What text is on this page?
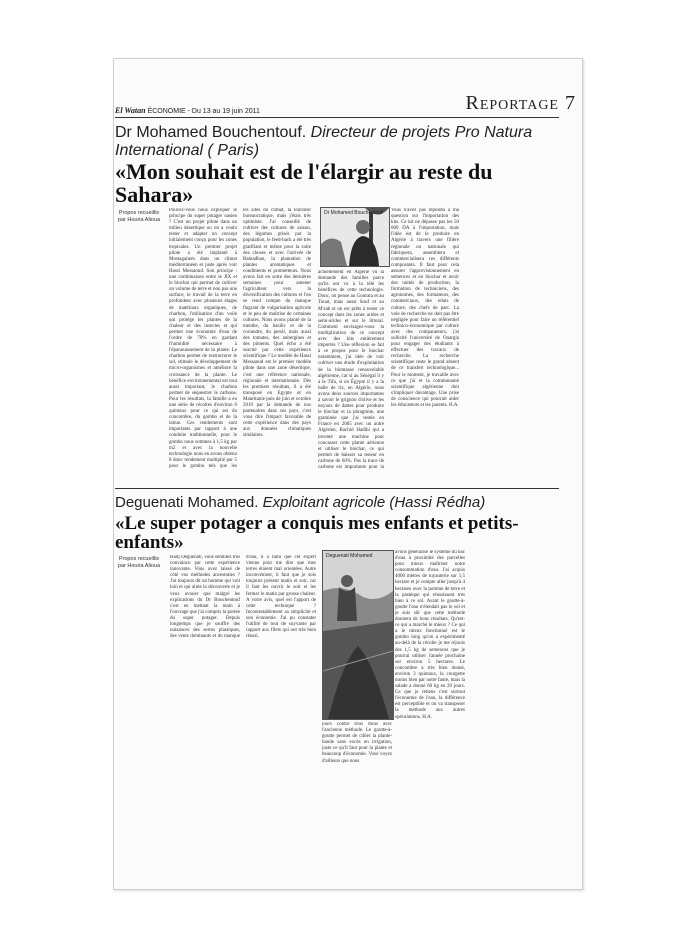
El Watan ÉCONOMIE - Du 13 au 19 juin 2011	Reportage 7
Dr Mohamed Bouchentouf. Directeur de projets Pro Natura International ( Paris)
«Mon souhait est de l'élargir au reste du Sahara»
Propos recueillis par Houria Alioua
Pouvez-vous nous expliquer le principe du super potager oasien ? C'est un projet pilote dans un milieu désertique ou on a voulu tester et adapter un concept initialement conçu pour les zones tropicales. Un premier projet pilote a été implanté à Mostaganem dans un climat méditerranéen et juste après voir Hassi Messaoud. Son principe : une combinaison entre le JIX et le biochar qui permet de cultiver un volume de terre et non pas une surface, le travail de la terre en profondeur avec plusieurs étages de matériaux organiques, de charbon, l'utilisation d'un voile qui protège les plantes de la chaleur et des insectes et qui permet une économie d'eau de l'ordre de 70% en gardant l'humidité nécessaire à l'épanouissement de la plante. Le charbon permet de restructurer le sol, stimule le développement de micro-organismes et améliore la croissance de la plante. Le bénéfice environnemental est tout aussi important, le charbon permet de séquestrer le carbone. Pour les résultats, la famille a eu une série de récoltes d'environ 6 quintaux pour ce qui est du concombre, du gombo et de la laitue. Ces rendements sont importants par rapport à une conduite traditionnelle, pour le gombo nous sommes à 1,5 kg par m2 et avec la nouvelle technologie nous en avons obtenu 8 donc rendement multiplié par 5 pour le gombo tels que les
les sites du climat, la lourdeur bureaucratique, mais j'étais très optimiste. J'ai conseillé de cultiver des cultures de saison, des légumes prisés par la population, le feed-back a été très gratifiant et même pour la suite des choses et avec l'arrivée de Ramadhan, la plantation de plantes aromatiques et condiments et prometteurs. Nous avons fait en sorte des dernières semaines pour amener l'agriculteur vers la diversification des cultures et l'on se rend compte du manque flagrant de vulgarisation agricole et le peu de maîtrise de certaines cultures. Nous avons planté de la menthe, du basilic et de la coriandre, du persil, mais aussi des tomates, des aubergines et des piments. Quel écho a été suscité par cette expérience scientifique ? Le modèle de Hassi Messaoud est le premier modèle pilote dans une zone désertique, c'est une référence nationale, régionale et internationale. Dès les premiers résultats, il a été transposé en Egypte et en Mauritanie puis de juin et octobre 2010 par la demande de nos partenaires dans ces pays, c'est vous dire l'impact favorable de cette expérience dans des pays aux données climatiques similaires.
actuellement en Algérie vu la demande des familles parce qu'ils ont vu à la télé les bénéfices de cette technologie. Donc, on pense au Gourara et au Touat, mais aussi Souf et au M'zab et on est prêts à tester ce concept dans les zones arides et semi-arides et sur le littoral. Comment envisagez-vous la multiplication de ce concept avec des kits entièrement importés ? Une réflexion se fait à ce propos pour le biochar notamment, j'ai idée de voir cultiver une étude d'exploitation de la biomasse renouvelable algérienne, car si au Sénégal il y a le Tifa, si en Égypte il y a la balle de riz, en Algérie, nous avons deux sources importantes à savoir le grignon d'olive et les noyaux de dattes pour produire le biochar et la phragmite, une graminée que j'ai testée en France en 2005 avec un autre Algérien, Rachid Hadibi qui a inventé une machine pour concasser cette plante aérienne et utiliser le biochar, ce qui permet de baisser sa teneur en carbone de 60%. Pas la trace de carbone est importante pour la
Vous n'avez pas répondu à ma question sur l'importation des kits. Ce kit ne dépasse pas les 50 000 DA à l'importation, mais l'idée est de le produire en Algérie à travers une filière régionale ou nationale qui fabriquera, assemblera et commercialisera ces différents composants. Il faut pour cela assurer l'approvisionnement en semences et en biochar et avoir des unités de production, la formation de techniciens, des agronomes, des formateurs, des commerciaux, des relais de culture, des chefs de parc. La voie de recherche ne doit pas être négligée pour faire un référentiel technico-économique par culture avec des comparateurs, j'ai sollicité l'université de Ouargla pour engager des étudiants à effectuer des travaux de recherche. La recherche scientifique reste le grand absent de ce transfert technologique... Pour le moment, je travaille avec ce que j'ai et la communauté scientifique algérienne doit s'impliquer davantage. Une prise de conscience qui pourrait aider les éducateurs et les parents. H.A.
Dr Mohamed Bouchentouf
Deguenati Mohamed. Exploitant agricole (Hassi Rédha)
«Le super potager a conquis mes enfants et petits-enfants»
Propos recueillis par Houria Alioua
Hadj Deguenati, vous semblez très convaincu par cette expérience innovante. Vous avez laissé de côté vos méthodes ancestrales ? J'ai toujours dit un homme qui voit loin et qui aime la découverte et je veux avouer que malgré les explications du Dr Bouchentouf c'est en mettant la main à l'ouvrage que j'ai compris la portée du super potager. Depuis longtemps que je souffre des nuisances des serres plastiques, des vents dominants et du manque d'eau, il a fallu que cet expert vienne pour me dire que mes terres étaient mal orientées. Autre inconvénient, il faut que je sois toujours présent matin et soir, car il faut les ouvrir le soir et les fermer le matin par grosse chaleur. A votre avis, quel est l'apport de cette technique ? Incontestablement sa simplicité et son économie. J'ai pu constater l'utilité de tout de suyvante par rapport aux filets qui ont très bien réussi.
jours contre trois mois avec l'ancienne méthode. Le goutte-à-goutte permet de cibler la plante-bande sans excès en irrigation, juste ce qu'il faut pour la plante et beaucoup d'économie. Vous voyez d'ailleurs que nous
avons généralisé le système du bac d'eau à proximité des parcelles pour mieux maîtriser notre consommation d'eau. J'ai acquis 4000 mètres de tuyauterie sur 1,5 hectare et je compte aller jusqu'à 4 hectares avec la pomme de terre et la pastèque qui réussissent très bien à ce sol. Avant le goutte-à-goutte l'eau n'étendait pas le sol et je suis sûr que cette méthode donnera de bons résultats. Qu'est-ce qui a marché le mieux ? Ce qui a le mieux fonctionné est le gombo long qu'on a expérimenté au-delà de la récolte je me réjouis des 1,5 kg de semences que je pourrai utiliser l'année prochaine sur environ 5 hectares. Le concombre a très bien donné, environ 3 quintaux, la courgette moins bien par notre faute, mais la salade a donné 60 kg en 20 jours. Ce que je retiens c'est surtout l'économie de l'eau, la différence est perceptible et on va transposer la méthode aux autres spéculations. H.A.
Deguenati Mohamed
